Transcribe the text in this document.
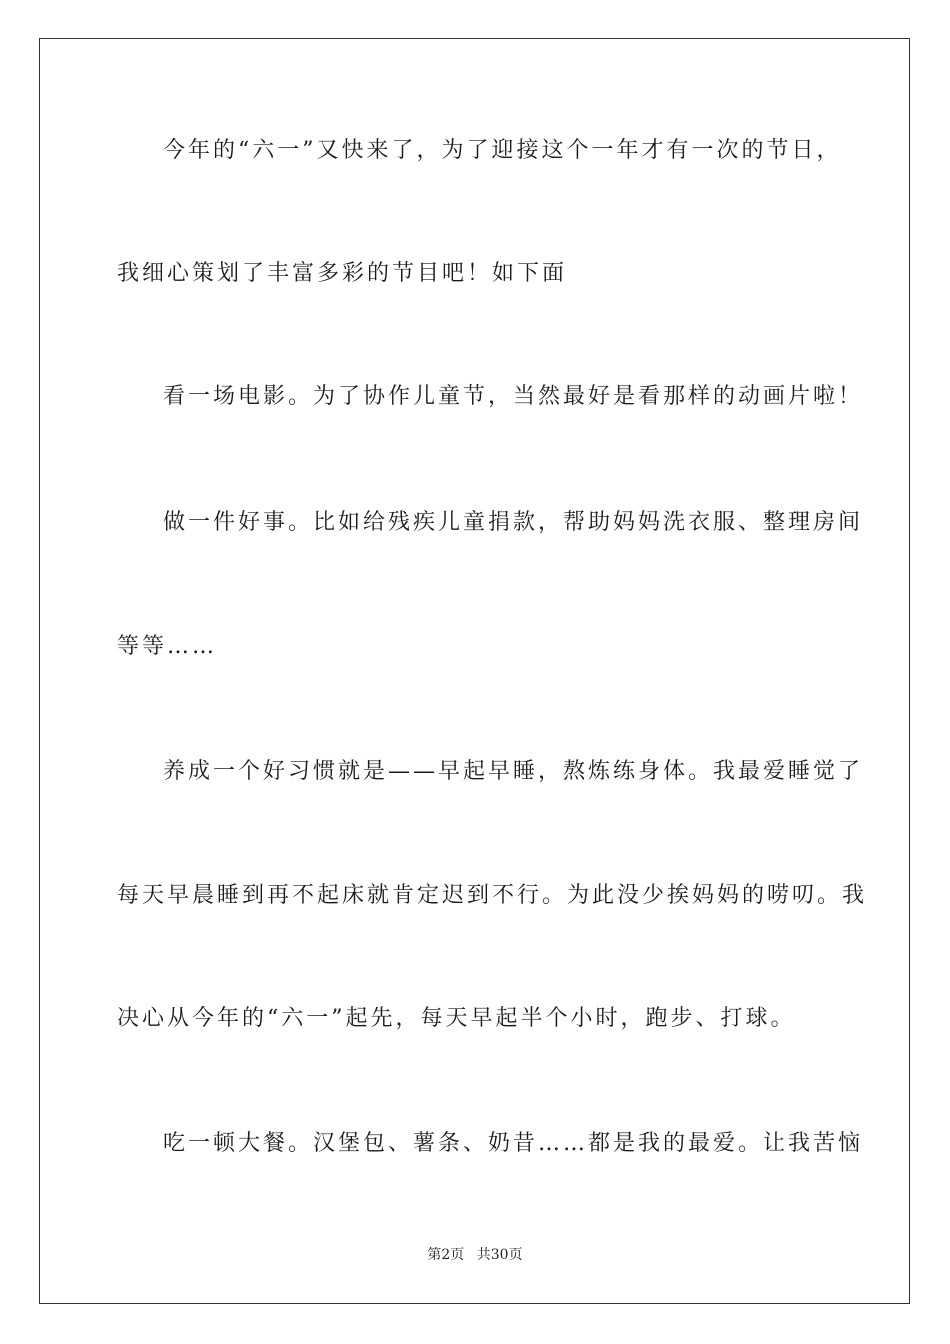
今年的“六一”又快来了，为了迎接这个一年才有一次的节日，
我细心策划了丰富多彩的节目吧！如下面
看一场电影。为了协作儿童节，当然最好是看那样的动画片啦！
做一件好事。比如给残疾儿童捐款，帮助妈妈洗衣服、整理房间
等等……
养成一个好习惯就是——早起早睡，熬炼练身体。我最爱睡觉了
每天早晨睡到再不起床就肯定迟到不行。为此没少挨妈妈的唠叨。我
决心从今年的“六一”起先，每天早起半个小时，跑步、打球。
吃一顿大餐。汉堡包、薯条、奶昔……都是我的最爱。让我苦恼
第2页 共30页
